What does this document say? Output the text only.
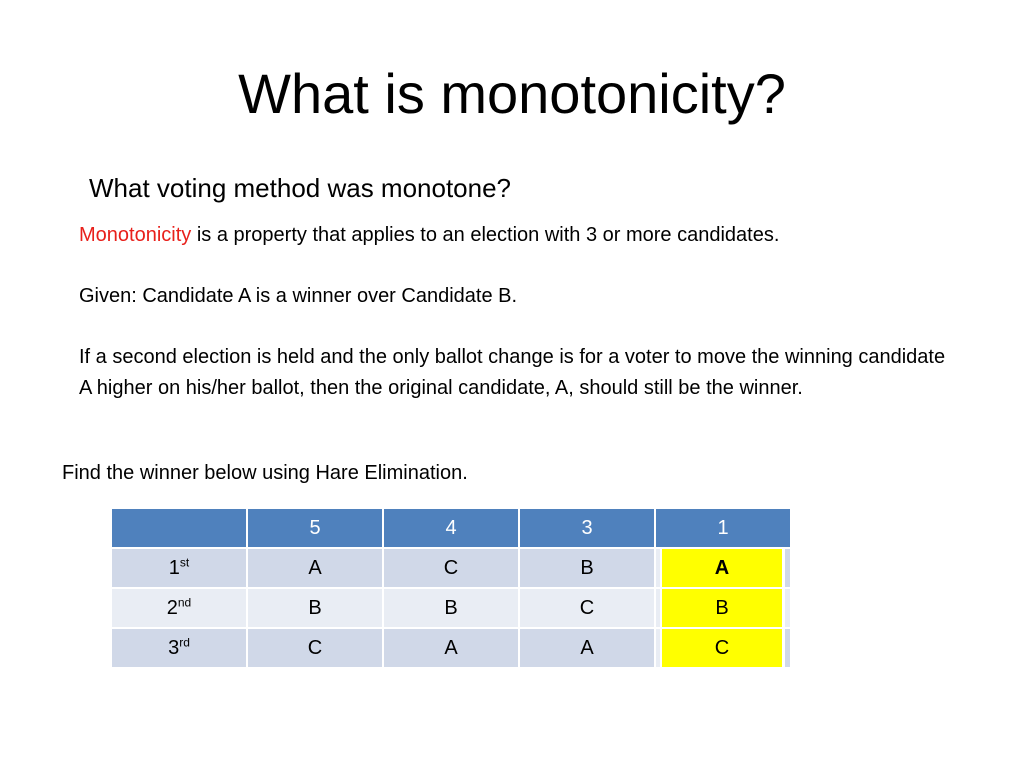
What is monotonicity?
What voting method was monotone?

Monotonicity is a property that applies to an election with 3 or more candidates.

Given: Candidate A is a winner over Candidate B.

If a second election is held and the only ballot change is for a voter to move the winning candidate A higher on his/her ballot, then the original candidate, A, should still be the winner.

Find the winner below using Hare Elimination.

	5	4	3	1
1st	A	C	B	A

2nd	B	B	C	B

3rd	C	A	A	C
